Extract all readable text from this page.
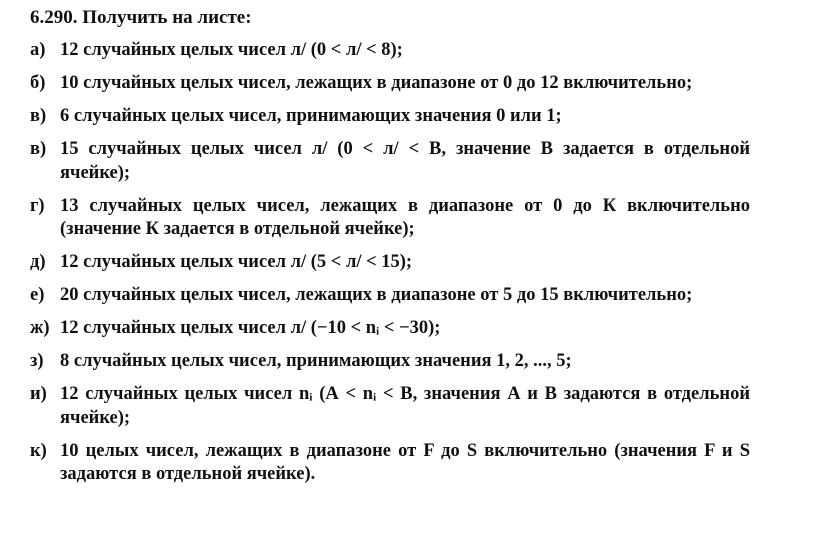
6.290. Получить на листе:
а) 12 случайных целых чисел л/ (0 < л/ < 8);
б) 10 случайных целых чисел, лежащих в диапазоне от 0 до 12 включительно;
в) 6 случайных целых чисел, принимающих значения 0 или 1;
в) 15 случайных целых чисел л/ (0 < л/ < В, значение В задается в отдельной ячейке);
г) 13 случайных целых чисел, лежащих в диапазоне от 0 до К включительно (значение К задается в отдельной ячейке);
д) 12 случайных целых чисел л/ (5 < л/ < 15);
е) 20 случайных целых чисел, лежащих в диапазоне от 5 до 15 включительно;
ж) 12 случайных целых чисел л/ (−10 < nᵢ < −30);
з) 8 случайных целых чисел, принимающих значения 1, 2, ..., 5;
и) 12 случайных целых чисел nᵢ (А < nᵢ < В, значения А и В задаются в отдельной ячейке);
к) 10 целых чисел, лежащих в диапазоне от F до S включительно (значения F и S задаются в отдельной ячейке).
